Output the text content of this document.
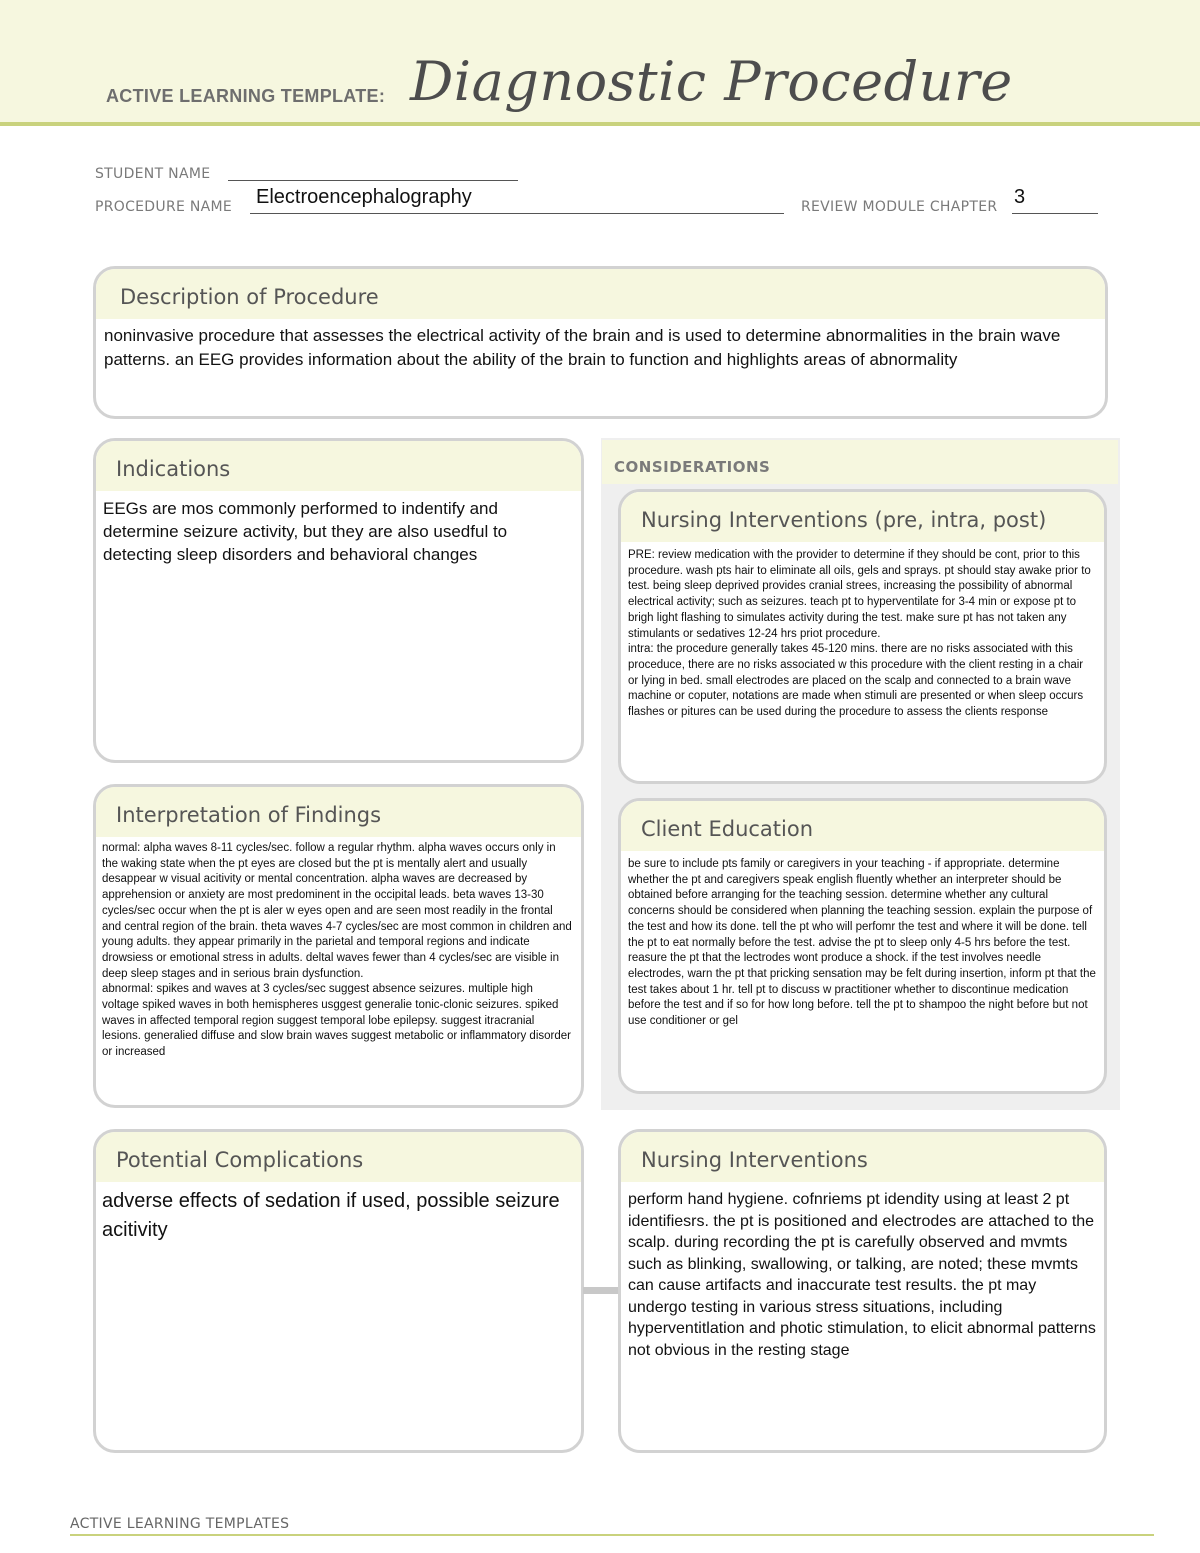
ACTIVE LEARNING TEMPLATE: Diagnostic Procedure
STUDENT NAME
PROCEDURE NAME Electroencephalography	REVIEW MODULE CHAPTER 3
Description of Procedure
noninvasive procedure that assesses the electrical activity of the brain and is used to determine abnormalities in the brain wave patterns. an EEG provides information about the ability of the brain to function and highlights areas of abnormality
Indications
EEGs are mos commonly performed to indentify and determine seizure activity, but they are also usedful to detecting sleep disorders and behavioral changes
CONSIDERATIONS
Nursing Interventions (pre, intra, post)
PRE: review medication with the provider to determine if they should be cont, prior to this procedure. wash pts hair to eliminate all oils, gels and sprays. pt should stay awake prior to test. being sleep deprived provides cranial strees, increasing the possibility of abnormal electrical activity; such as seizures. teach pt to hyperventilate for 3-4 min or expose pt to brigh light flashing to simulates activity during the test. make sure pt has not taken any stimulants or sedatives 12-24 hrs priot procedure.
intra: the procedure generally takes 45-120 mins. there are no risks associated with this proceduce, there are no risks associated w this procedure with the client resting in a chair or lying in bed. small electrodes are placed on the scalp and connected to a brain wave machine or coputer, notations are made when stimuli are presented or when sleep occurs flashes or pitures can be used during the procedure to assess the clients response
Interpretation of Findings
normal: alpha waves 8-11 cycles/sec. follow a regular rhythm. alpha waves occurs only in the waking state when the pt eyes are closed but the pt is mentally alert and usually desappear w visual acitivity or mental concentration. alpha waves are decreased by apprehension or anxiety are most predominent in the occipital leads. beta waves 13-30 cycles/sec occur when the pt is aler w eyes open and are seen most readily in the frontal and central region of the brain. theta waves 4-7 cycles/sec are most common in children and young adults. they appear primarily in the parietal and temporal regions and indicate drowsiess or emotional stress in adults. deltal waves fewer than 4 cycles/sec are visible in deep sleep stages and in serious brain dysfunction.
abnormal: spikes and waves at 3 cycles/sec suggest absence seizures. multiple high voltage spiked waves in both hemispheres usggest generalie tonic-clonic seizures. spiked waves in affected temporal region suggest temporal lobe epilepsy. suggest itracranial lesions. generalied diffuse and slow brain waves suggest metabolic or inflammatory disorder or increased
Client Education
be sure to include pts family or caregivers in your teaching - if appropriate. determine whether the pt and caregivers speak english fluently whether an interpreter should be obtained before arranging for the teaching session. determine whether any cultural concerns should be considered when planning the teaching session. explain the purpose of the test and how its done. tell the pt who will perfomr the test and where it will be done. tell the pt to eat normally before the test. advise the pt to sleep only 4-5 hrs before the test. reasure the pt that the lectrodes wont produce a shock. if the test involves needle electrodes, warn the pt that pricking sensation may be felt during insertion, inform pt that the test takes about 1 hr. tell pt to discuss w practitioner whether to discontinue medication before the test and if so for how long before. tell the pt to shampoo the night before but not use conditioner or gel
Potential Complications
adverse effects of sedation if used, possible seizure acitivity
Nursing Interventions
perform hand hygiene. cofnriems pt idendity using at least 2 pt identifiesrs. the pt is positioned and electrodes are attached to the scalp. during recording the pt is carefully observed and mvmts such as blinking, swallowing, or talking, are noted; these mvmts can cause artifacts and inaccurate test results. the pt may undergo testing in various stress situations, including hyperventitlation and photic stimulation, to elicit abnormal patterns not obvious in the resting stage
ACTIVE LEARNING TEMPLATES
